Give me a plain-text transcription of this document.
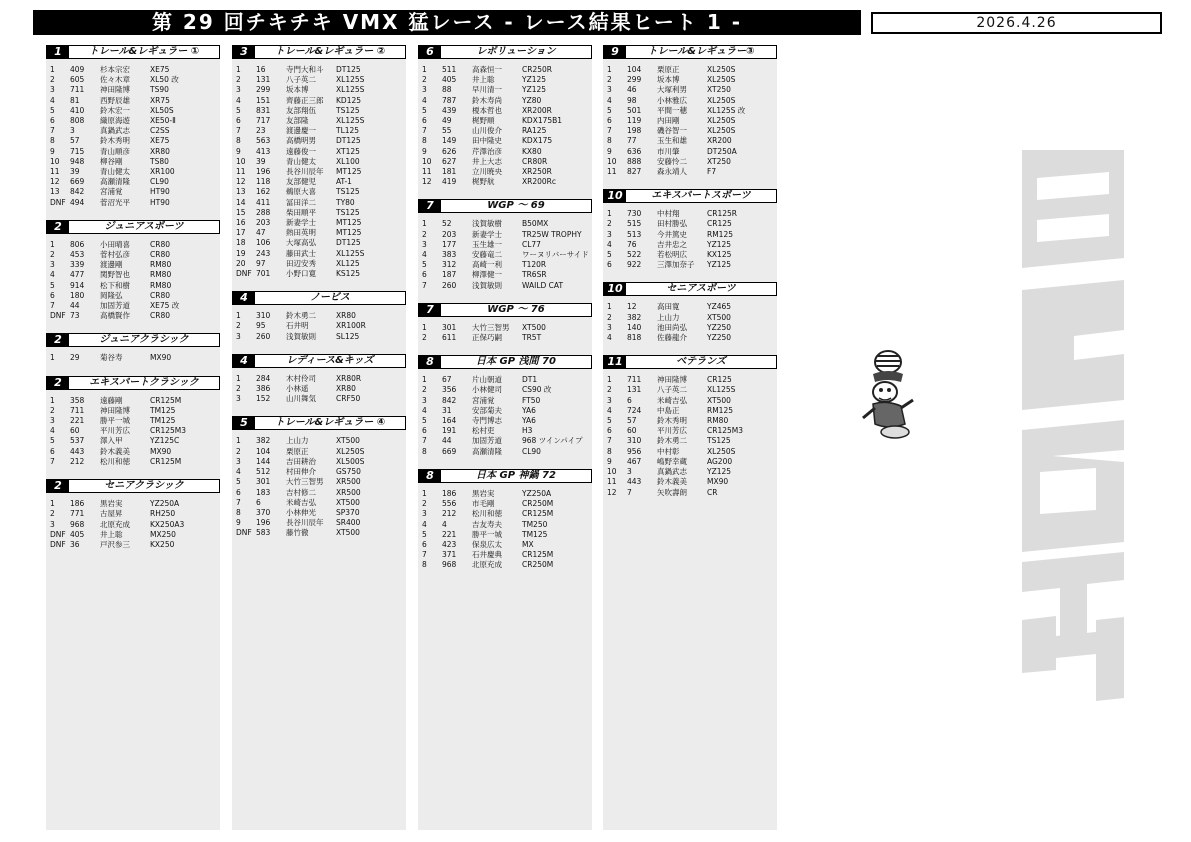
第 29 回チキチキ VMX 猛レース - レース結果ヒート 1 -	2026.4.26
1	トレール&レギュラー ①
1	409	杉本宗宏	XE75
2	605	佐々木章	XL50 改
3	711	神田隆博	TS90
4	81	西野辰雄	XR75
5	410	鈴木宏一	XL50S
6	808	織原海遊	XE50-Ⅱ
7	3	真鍋武志	C2SS
8	57	鈴木秀明	XE75
9	715	青山順彦	XR80
10	948	柳谷剛	TS80
11	39	青山健太	XR100
12	669	高瀬清隆	CL90
13	842	宮浦覚	HT90
DNF 494	菅沼光平	HT90
2	ジュニアスポーツ
1	806	小田晴喜	CR80
2	453	菅村弘彦	CR80
3	339	渡邊剛	RM80
4	477	関野智也	RM80
5	914	松下和樹	RM80
6	180	岡隆弘	CR80
7	44	加固芳道	XE75 改
DNF 73	高橋賢作	CR80
2	ジュニアクラシック
1	29	菊谷寿	MX90
2	エキスパートクラシック
1	358	遠藤剛	CR125M
2	711	神田隆博	TM125
3	221	勝平一城	TM125
4	60	平川芳広	CR125M3
5	537	澤入甲	YZ125C
6	443	鈴木義美	MX90
7	212	松川和徳	CR125M
2	セニアクラシック
1	186	黒岩実	YZ250A
2	771	古屋昇	RH250
3	968	北原充成	KX250A3
DNF 405	井上聡	MX250
DNF 36	戸沢参三	KX250
3	トレール&レギュラー ②
1	16	寺門大和斗	DT125
2	131	八子英二	XL125S
3	299	坂本博	XL125S
4	151	齊藤正三郎	KD125
5	831	友部翔伍	TS125
6	717	友部隆	XL125S
7	23	渡邊慶一	TL125
8	563	高橋明男	DT125
9	413	遠藤俊一	XT125
10	39	青山健太	XL100
11	196	長谷川辰年	MT125
12	118	友部健児	AT-1
13	162	鵜原大喜	TS125
14	411	冨田洋二	TY80
15	288	柴田順平	TS125
16	203	新妻学士	MT125
17	47	熱田英明	MT125
18	106	大塚高弘	DT125
19	243	藤田武士	XL125S
20	97	田辺安秀	XL125
DNF 701	小野口寛	KS125
4	ノービス
1	310	鈴木勇二	XR80
2	95	石井明	XR100R
3	260	浅賀敏則	SL125
4	レディース&キッズ
1	284	木村伶司	XR80R
2	386	小林遥	XR80
3	152	山川舞気	CRF50
5	トレール&レギュラー ④
1	382	上山力	XT500
2	104	栗原正	XL250S
3	144	吉田耕治	XL500S
4	512	村田伸介	GS750
5	301	大竹三智男	XR500
6	183	吉村修二	XR500
7	6	米崎吉弘	XT500
8	370	小林伸光	SP370
9	196	長谷川辰年	SR400
DNF 583	藤竹徹	XT500
6	レボリューション
1	511	高森恒一	CR250R
2	405	井上聡	YZ125
3	88	早川清一	YZ125
4	787	鈴木寿尚	YZ80
5	439	榎本哲也	XR200R
6	49	梶野順	KDX175B1
7	55	山川俊介	RA125
8	149	田中隆史	KDX175
9	626	芹澤治彦	KX80
10	627	井上大志	CR80R
11	181	立川暁央	XR250R
12	419	梶野航	XR200Rc
7	WGP ～ 69
1	52	浅賀敏樹	B50MX
2	203	新妻学士	TR25W TROPHY
3	177	玉生雄一	CL77
4	383	安藤竜二	ワーヌリバーサイド
5	312	高崎一利	T120R
6	187	柳澤健一	TR6SR
7	260	浅賀敏則	WAILD CAT
7	WGP ～ 76
1	301	大竹三智男	XT500
2	611	正保巧嗣	TR5T
8	日本 GP 浅間 70
1	67	片山朝道	DT1
2	356	小林健司	CS90 改
3	842	宮浦覚	FT50
4	31	安部菊夫	YA6
5	164	寺門博志	YA6
6	191	松村吏	H3
7	44	加固芳道	968 ツインパイプ
8	669	高瀬清隆	CL90
8	日本 GP 神鍋 72
1	186	黒岩実	YZ250A
2	556	市毛剛	CR250M
3	212	松川和徳	CR125M
4	4	吉友寿夫	TM250
5	221	勝平一城	TM125
6	423	保泉広太	MX
7	371	石井慶典	CR125M
8	968	北原充成	CR250M
9	トレール&レギュラー③
1	104	栗原正	XL250S
2	299	坂本博	XL250S
3	46	大塚利男	XT250
4	98	小林雅広	XL250S
5	501	平間一穂	XL125S 改
6	119	内田剛	XL250S
7	198	磯谷智一	XL250S
8	77	玉生和雄	XR200
9	636	市川肇	DT250A
10	888	安藤怜二	XT250
11	827	森永靖人	F7
10	エキスパートスポーツ
1	730	中村翔	CR125R
2	515	田村勝弘	CR125
3	513	今井篤史	RM125
4	76	吉井忠之	YZ125
5	522	若松明広	KX125
6	922	三澤加奈子	YZ125
10	セニアスポーツ
1	12	高田寛	YZ465
2	382	上山力	XT500
3	140	池田尚弘	YZ250
4	818	佐藤龍介	YZ250
11	ベテランズ
1	711	神田隆博	CR125
2	131	八子英二	XL125S
3	6	米崎吉弘	XT500
4	724	中島正	RM125
5	57	鈴木秀明	RM80
6	60	平川芳広	CR125M3
7	310	鈴木勇二	TS125
8	956	中村彰	XL250S
9	467	嶋野幸蔵	AG200
10	3	真鍋武志	YZ125
11	443	鈴木義美	MX90
12	7	矢吹壽朗	CR
